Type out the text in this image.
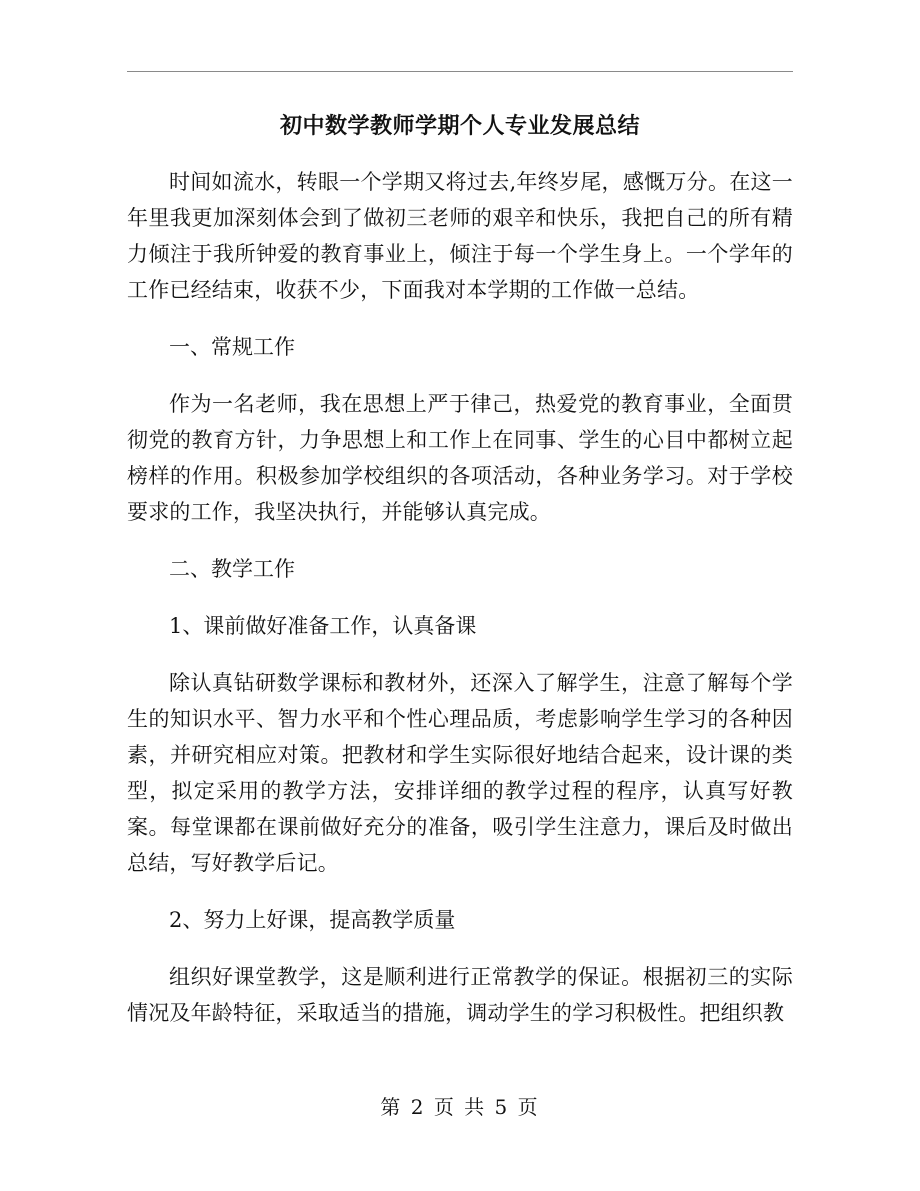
初中数学教师学期个人专业发展总结

时间如流水，转眼一个学期又将过去,年终岁尾，感慨万分。在这一年里我更加深刻体会到了做初三老师的艰辛和快乐，我把自己的所有精力倾注于我所钟爱的教育事业上，倾注于每一个学生身上。一个学年的工作已经结束，收获不少，下面我对本学期的工作做一总结。

一、常规工作

作为一名老师，我在思想上严于律己，热爱党的教育事业，全面贯彻党的教育方针，力争思想上和工作上在同事、学生的心目中都树立起榜样的作用。积极参加学校组织的各项活动，各种业务学习。对于学校要求的工作，我坚决执行，并能够认真完成。

二、教学工作

1、课前做好准备工作，认真备课

除认真钻研数学课标和教材外，还深入了解学生，注意了解每个学生的知识水平、智力水平和个性心理品质，考虑影响学生学习的各种因素，并研究相应对策。把教材和学生实际很好地结合起来，设计课的类型，拟定采用的教学方法，安排详细的教学过程的程序，认真写好教案。每堂课都在课前做好充分的准备，吸引学生注意力，课后及时做出总结，写好教学后记。

2、努力上好课，提高教学质量

组织好课堂教学，这是顺利进行正常教学的保证。根据初三的实际情况及年龄特征，采取适当的措施，调动学生的学习积极性。把组织教

第 2 页 共 5 页
